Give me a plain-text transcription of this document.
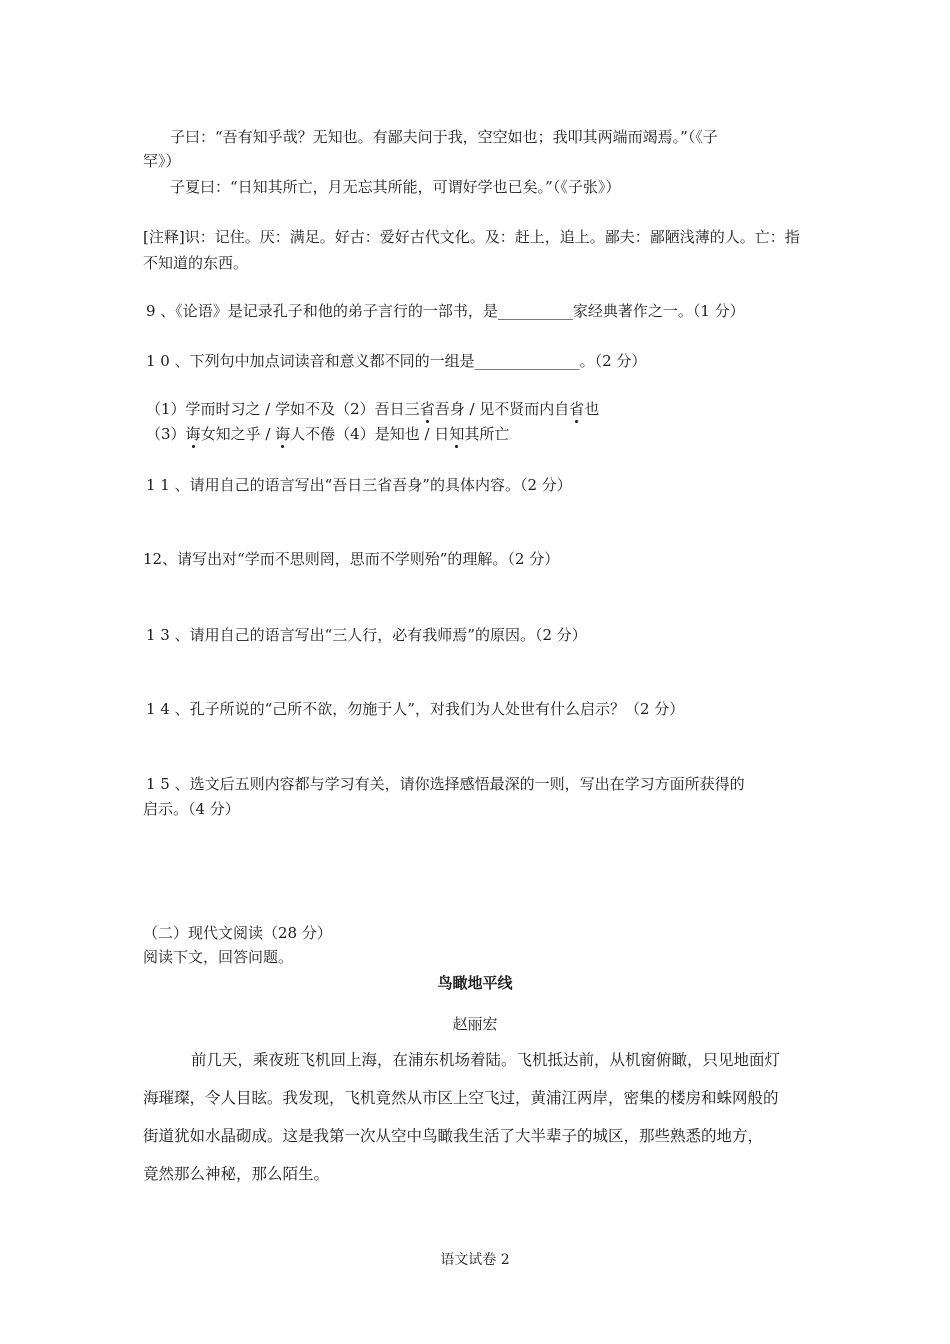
子曰：“吾有知乎哉？无知也。有鄙夫问于我，空空如也；我叩其两端而竭焉。”（《子
罕》）
子夏曰：“日知其所亡，月无忘其所能，可谓好学也已矣。”（《子张》）
[注释]识：记住。厌：满足。好古：爱好古代文化。及：赶上，追上。鄙夫：鄙陋浅薄的人。亡：指
不知道的东西。
9 、《论语》是记录孔子和他的弟子言行的一部书，是__________家经典著作之一。（1 分）
1 0 、下列句中加点词读音和意义都不同的一组是______________。（2 分）
（1）学而时习之 / 学如不及（2）吾日三省吾身 / 见不贤而内自省也
（3）诲女知之乎 / 诲人不倦（4）是知也 / 日知其所亡
1 1 、请用自己的语言写出“吾日三省吾身”的具体内容。（2 分）
12、请写出对“学而不思则罔，思而不学则殆”的理解。（2 分）
1 3 、请用自己的语言写出“三人行，必有我师焉”的原因。（2 分）
1 4 、孔子所说的“己所不欲，勿施于人”，对我们为人处世有什么启示？（2 分）
1 5 、选文后五则内容都与学习有关，请你选择感悟最深的一则，写出在学习方面所获得的
启示。（4 分）
（二）现代文阅读（28 分）
阅读下文，回答问题。
鸟瞰地平线
赵丽宏
前几天，乘夜班飞机回上海，在浦东机场着陆。飞机抵达前，从机窗俯瞰，只见地面灯
海璀璨，令人目眩。我发现，飞机竟然从市区上空飞过，黄浦江两岸，密集的楼房和蛛网般的
街道犹如水晶砌成。这是我第一次从空中鸟瞰我生活了大半辈子的城区，那些熟悉的地方，
竟然那么神秘，那么陌生。
语文试卷 2
